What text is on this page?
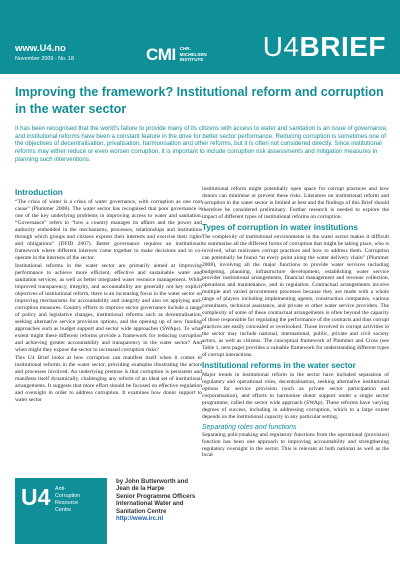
www.U4.no
November 2009 - No. 18	CMI CHR.
MICHELSEN
INSTITUTE U4BRIEF
Improving the framework? Institutional reform and corruption in the water sector

It has been recognised that the world's failure to provide many of its citizens with access to water and sanitation is an issue of governance, and institutional reforms have been a constant feature in the drive for better sector performance. Reducing corruption is sometimes one of the objectives of decentralisation, privatisation, harmonisation and other reforms, but it is often not considered directly. Since institutional reforms may either reduce or even worsen corruption, it is important to include corruption risk assessments and mitigation measures in planning such interventions.

Introduction

“The crisis of water is a crisis of water governance, with corruption as one root cause” (Plummer 2008). The water sector has recognised that poor governance is one of the key underlying problems in improving access to water and sanitation. “Governance” refers to “how a country manages its affairs and the power and authority embedded in the mechanisms, processes, relationships and institutions through which groups and citizens express their interests and exercise their rights and obligations” (DFID 2007). Better governance requires an institutional framework where different interests come together to make decisions and to co-operate in the interests of the sector.

Institutional reforms in the water sector are primarily aimed at improving performance to achieve more efficient, effective and sustainable water and sanitation services, as well as better integrated water resource management. While improved transparency, integrity, and accountability are generally not key explicit objectives of institutional reform, there is an increasing focus in the water sector on improving mechanisms for accountability and integrity and also on applying anti-corruption measures. Country efforts to improve sector governance include a range of policy and legislative changes, institutional reforms such as decentralisation, seeking alternative service provision options, and the opening up of new funding approaches such as budget support and sector wide approaches (SWAps). To what extent might these different reforms provide a framework for reducing corruption and achieving greater accountability and transparency in the water sector? And when might they expose the sector to increased corruption risks?

This U4 Brief looks at how corruption can manifest itself when it comes to institutional reforms in the water sector, providing examples illustrating the actors and processes involved. An underlying premise is that corruption is persistent and manifests itself dynamically, challenging any reform of an ideal set of institutional arrangements. It suggests that more effort should be focused on effective regulation and oversight in order to address corruption. It examines how donor support to water sector

institutional reform might potentially open space for corrupt practices and how donors can minimise or prevent these risks. Literature on institutional reform and corruption in the water sector is limited at best and the findings of this Brief should therefore be considered preliminary. Further research is needed to explore the impact of different types of institutional reforms on corruption.

Types of corruption in water institutions

The complexity of institutional environments in the water sector makes it difficult to summarise all the different forms of corruption that might be taking place, who is involved, what motivates corrupt practices and how to address them. Corruption can potentially be found “at every point along the water delivery chain” (Plummer 2008), involving all the major functions to provide water services including budgeting, planning, infrastructure development, establishing water service provider institutional arrangements, financial management and revenue collection, operations and maintenance, and in regulation. Contractual arrangements involve multiple and varied procurement processes because they are made with a whole range of players including implementing agents, construction companies, various consultants, technical assistance, and private or other water service providers. The complexity of some of these contractual arrangements is often beyond the capacity of those responsible for regulating the performance of the contracts and thus corrupt practices are easily concealed or overlooked. Those involved in corrupt activities in the sector may include national, international, public, private and civil society actors, as well as citizens. The conceptual framework of Plummer and Cross (see Table 1, next page) provides a valuable framework for understanding different types of corrupt interactions.

Institutional reforms in the water sector

Major trends in institutional reform in the sector have included separation of regulatory and operational roles, decentralisation, seeking alternative institutional options for service provision (such as private sector participation and corporatisation), and efforts to harmonise donor support under a single sector programme, called the sector wide approach (SWAp). These reforms have varying degrees of success, including in addressing corruption, which to a large extent depends on the institutional capacity in any particular setting.

Separating roles and functions

Separating policymaking and regulatory functions from the operational (provision) function has been one approach to improving accountability and strengthening regulatory oversight in the sector. This is relevant at both national as well as the local

U4 Anti-
Corruption
Resource
Centre
by John Butterworth and
Jean de la Harpe
Senior Programme Officers
International Water and
Sanitation Centre
http://www.irc.nl
